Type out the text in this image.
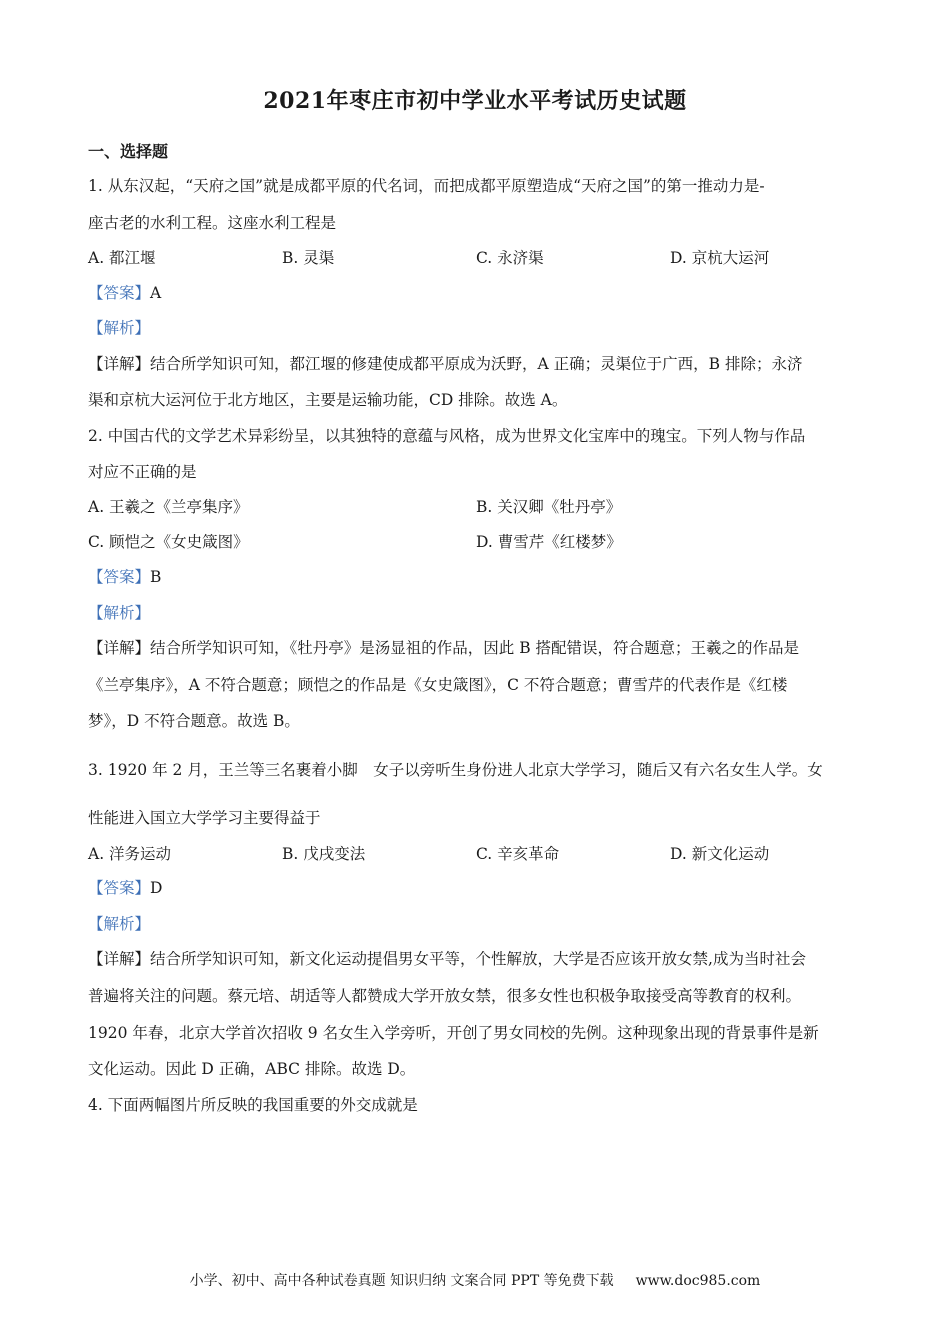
2021年枣庄市初中学业水平考试历史试题
一、选择题
1. 从东汉起，“天府之国”就是成都平原的代名词，而把成都平原塑造成“天府之国”的第一推动力是-
座古老的水利工程。这座水利工程是
A. 都江堰	B. 灵渠	C. 永济渠	D. 京杭大运河
【答案】A
【解析】
【详解】结合所学知识可知，都江堰的修建使成都平原成为沃野，A 正确；灵渠位于广西，B 排除；永济
渠和京杭大运河位于北方地区，主要是运输功能，CD 排除。故选 A。
2. 中国古代的文学艺术异彩纷呈，以其独特的意蕴与风格，成为世界文化宝库中的瑰宝。下列人物与作品
对应不正确的是
A. 王羲之《兰亭集序》	B. 关汉卿《牡丹亭》
C. 顾恺之《女史箴图》	D. 曹雪芹《红楼梦》
【答案】B
【解析】
【详解】结合所学知识可知，《牡丹亭》是汤显祖的作品，因此 B 搭配错误，符合题意；王羲之的作品是
《兰亭集序》，A 不符合题意；顾恺之的作品是《女史箴图》，C 不符合题意；曹雪芹的代表作是《红楼
梦》，D 不符合题意。故选 B。
3. 1920 年 2 月，王兰等三名裹着小脚　女子以旁听生身份进人北京大学学习，随后又有六名女生人学。女
性能进入国立大学学习主要得益于
A. 洋务运动	B. 戊戌变法	C. 辛亥革命	D. 新文化运动
【答案】D
【解析】
【详解】结合所学知识可知，新文化运动提倡男女平等，个性解放，大学是否应该开放女禁,成为当时社会
普遍将关注的问题。蔡元培、胡适等人都赞成大学开放女禁，很多女性也积极争取接受高等教育的权利。
1920 年春，北京大学首次招收 9 名女生入学旁听，开创了男女同校的先例。这种现象出现的背景事件是新
文化运动。因此 D 正确，ABC 排除。故选 D。
4. 下面两幅图片所反映的我国重要的外交成就是
小学、初中、高中各种试卷真题 知识归纳 文案合同 PPT 等免费下载 www.doc985.com
